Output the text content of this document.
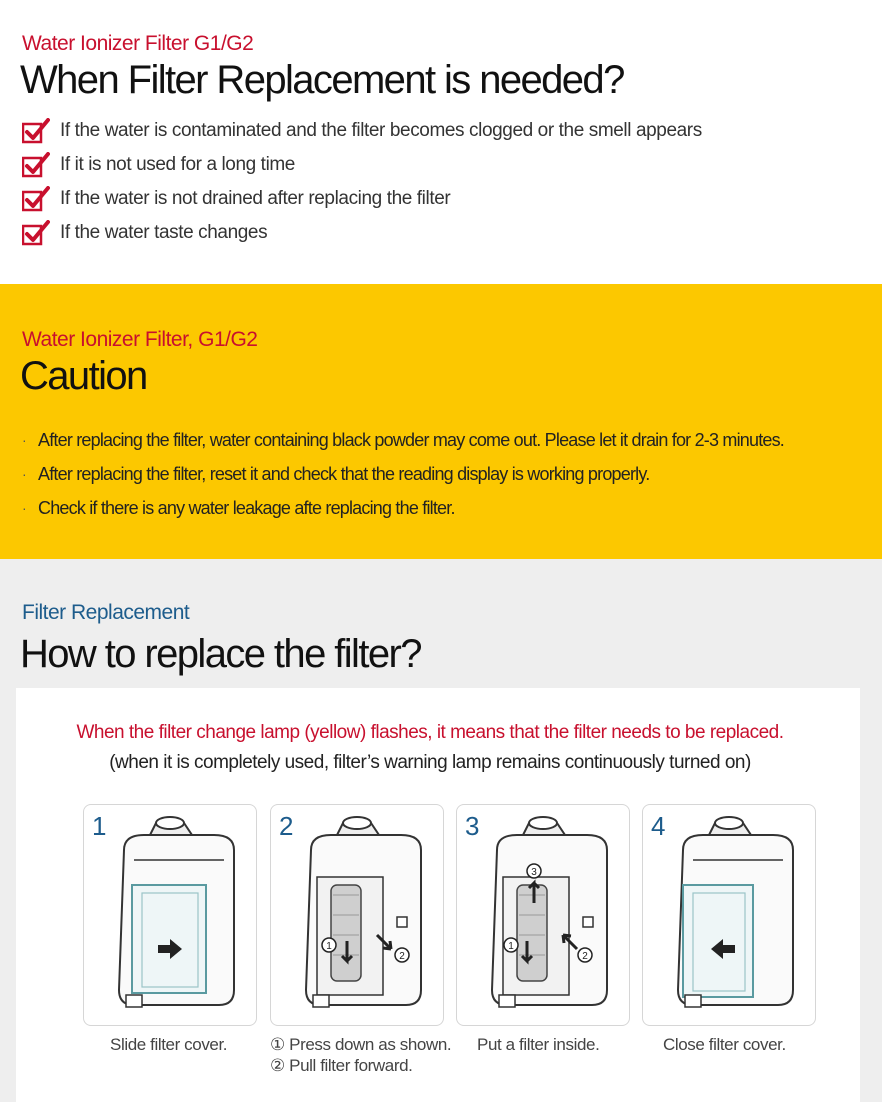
Water Ionizer Filter G1/G2
When Filter Replacement is needed?
If the water is contaminated and the filter becomes clogged or the smell appears
If it is not used for a long time
If the water is not drained after replacing the filter
If the water taste changes
Water Ionizer Filter, G1/G2
Caution
· After replacing the filter, water containing black powder may come out. Please let it drain for 2-3 minutes.
· After replacing the filter, reset it and check that the reading display is working properly.
· Check if there is any water leakage afte replacing the filter.
Filter Replacement
How to replace the filter?
When the filter change lamp (yellow) flashes, it means that the filter needs to be replaced.
(when it is completely used, filter’s warning lamp remains continuously turned on)
1
1
2
2
3
1
2
3	4
Slide filter cover.	① Press down as shown.
② Pull filter forward.
Put a filter inside.	Close filter cover.
